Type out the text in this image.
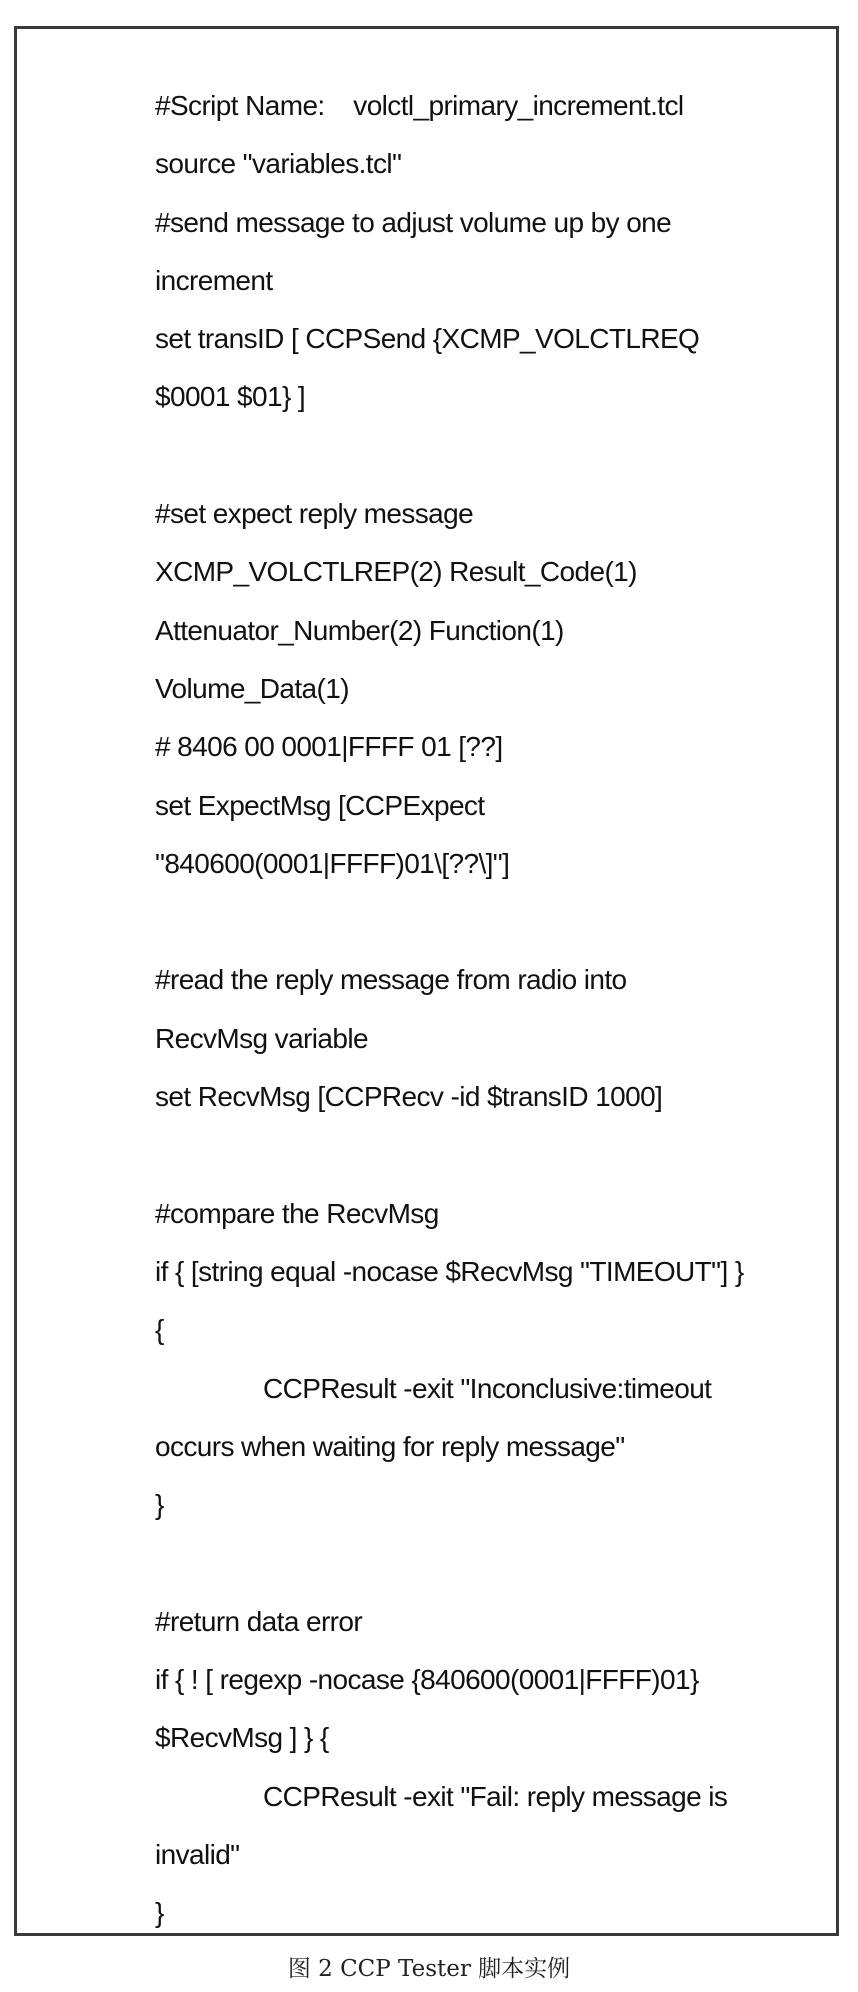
#Script Name:    volctl_primary_increment.tcl
source "variables.tcl"
#send message to adjust volume up by one
increment
set transID [ CCPSend {XCMP_VOLCTLREQ
$0001 $01} ]
#set expect reply message
XCMP_VOLCTLREP(2) Result_Code(1)
Attenuator_Number(2) Function(1)
Volume_Data(1)
# 8406 00 0001|FFFF 01 [??]
set ExpectMsg [CCPExpect
"840600(0001|FFFF)01\[??\]"]
#read the reply message from radio into
RecvMsg variable
set RecvMsg [CCPRecv -id $transID 1000]
#compare the RecvMsg
if { [string equal -nocase $RecvMsg "TIMEOUT"] }
{
CCPResult -exit "Inconclusive:timeout
occurs when waiting for reply message"
}
#return data error
if { ! [ regexp -nocase {840600(0001|FFFF)01}
$RecvMsg ] } {
CCPResult -exit "Fail: reply message is
invalid"
}
图 2 CCP Tester 脚本实例
